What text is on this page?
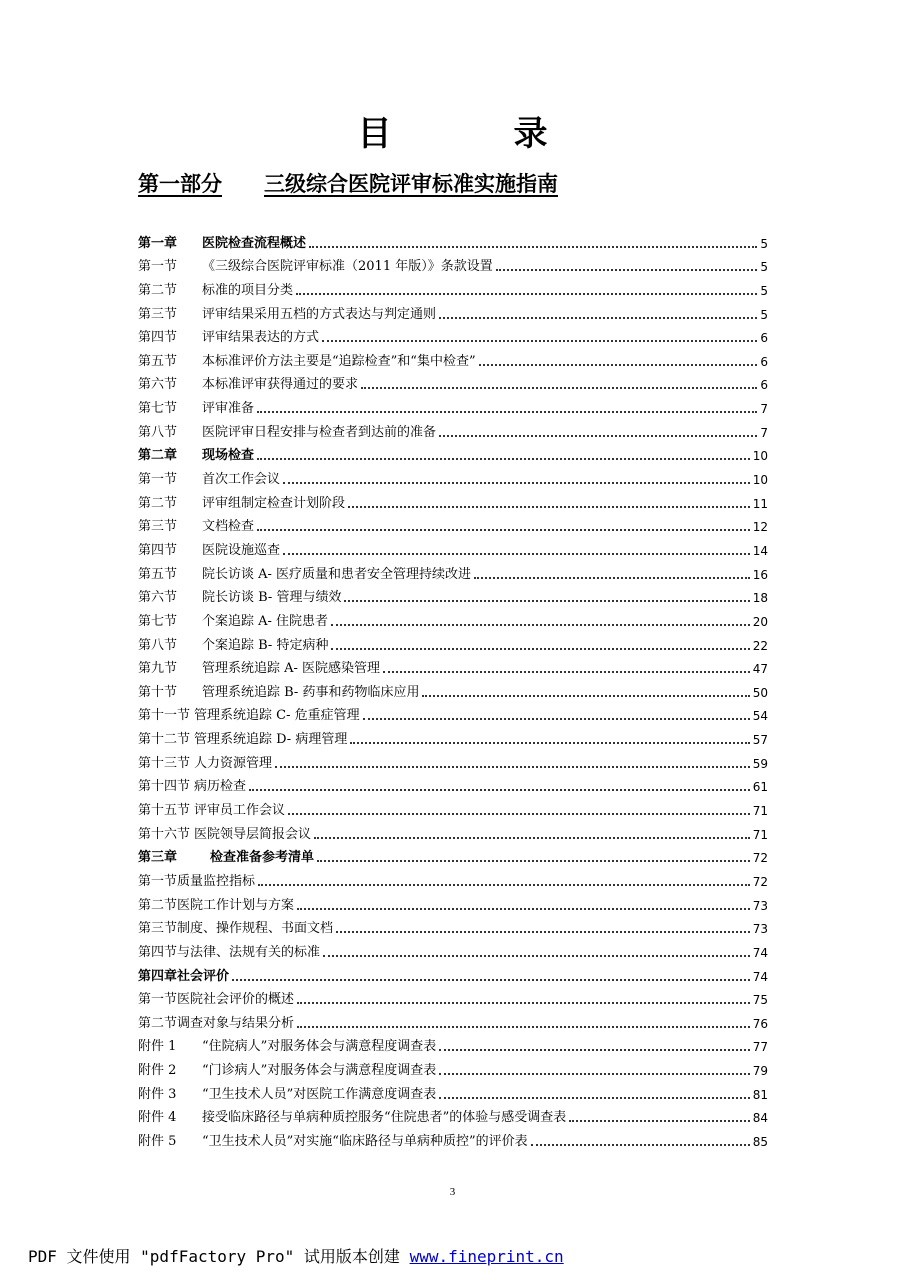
目　录
第一部分 三级综合医院评审标准实施指南
第一章	医院检查流程概述	5
第一节	《三级综合医院评审标准（2011 年版）》条款设置	5
第二节	标准的项目分类	5
第三节	评审结果采用五档的方式表达与判定通则	5
第四节	评审结果表达的方式	6
第五节	本标准评价方法主要是“追踪检查”和“集中检查”	6
第六节	本标准评审获得通过的要求	6
第七节	评审准备	7
第八节	医院评审日程安排与检查者到达前的准备	7
第二章	现场检查	10
第一节	首次工作会议	10
第二节	评审组制定检查计划阶段	11
第三节	文档检查	12
第四节	医院设施巡查	14
第五节	院长访谈 A- 医疗质量和患者安全管理持续改进	16
第六节	院长访谈 B- 管理与绩效	18
第七节	个案追踪 A- 住院患者	20
第八节	个案追踪 B- 特定病种	22
第九节	管理系统追踪 A- 医院感染管理	47
第十节	管理系统追踪 B- 药事和药物临床应用	50
第十一节 管理系统追踪 C- 危重症管理	54
第十二节 管理系统追踪 D- 病理管理	57
第十三节 人力资源管理	59
第十四节 病历检查	61
第十五节 评审员工作会议	71
第十六节 医院领导层简报会议	71
第三章	检查准备参考清单	72
第一节质量监控指标	72
第二节医院工作计划与方案	73
第三节制度、操作规程、书面文档	73
第四节与法律、法规有关的标准	74
第四章社会评价	74
第一节医院社会评价的概述	75
第二节调查对象与结果分析	76
附件 1	“住院病人”对服务体会与满意程度调查表	77
附件 2	“门诊病人”对服务体会与满意程度调查表	79
附件 3	“卫生技术人员”对医院工作满意度调查表	81
附件 4	接受临床路径与单病种质控服务“住院患者”的体验与感受调查表	84
附件 5	“卫生技术人员”对实施“临床路径与单病种质控”的评价表	85
3
PDF 文件使用 "pdfFactory Pro" 试用版本创建 www.fineprint.cn
